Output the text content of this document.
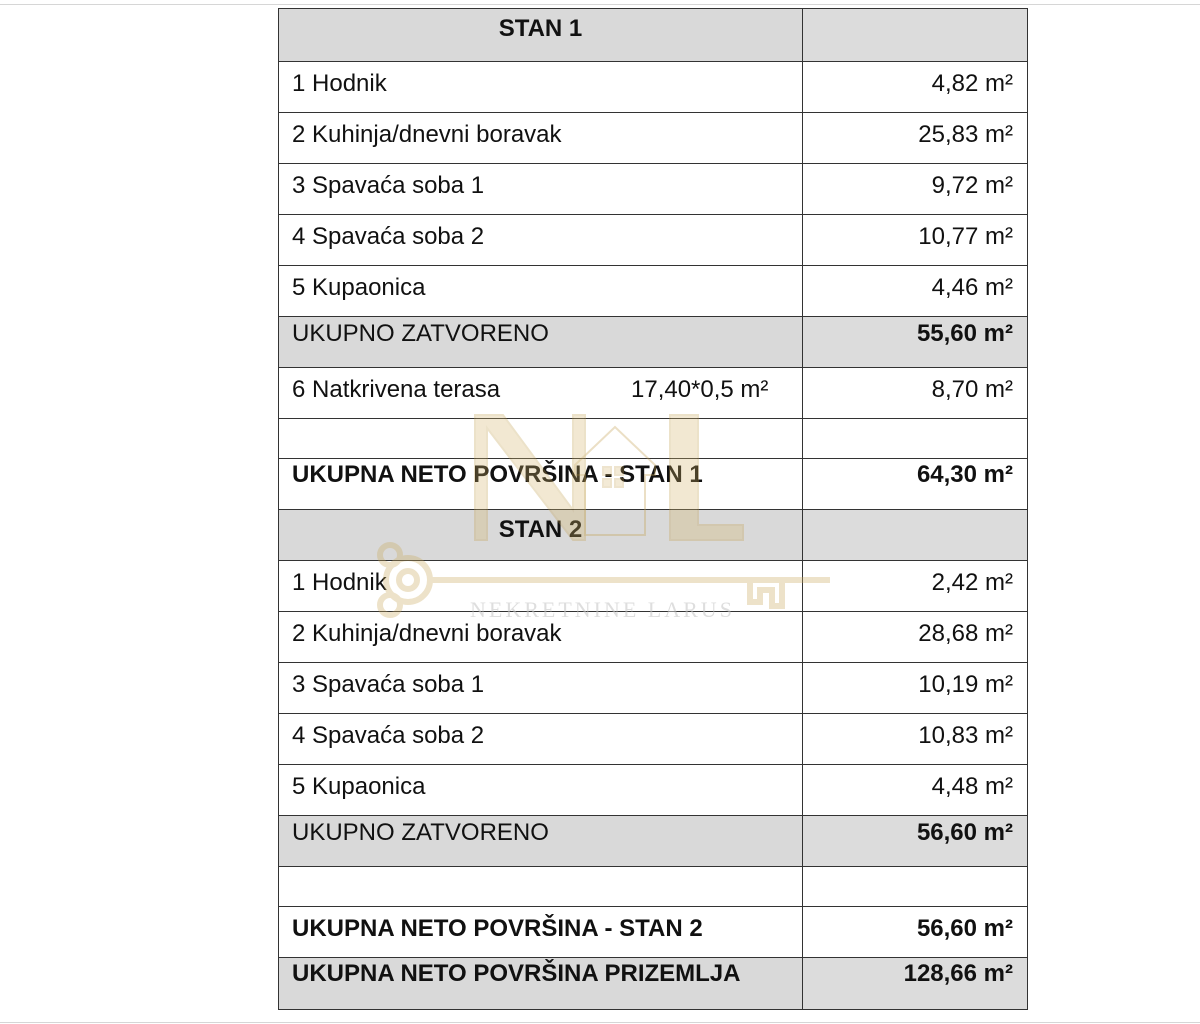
STAN 1
1 Hodnik	4,82 m²
2 Kuhinja/dnevni boravak	25,83 m²
3 Spavaća soba 1	9,72 m²
4 Spavaća soba 2	10,77 m²
5 Kupaonica	4,46 m²
UKUPNO ZATVORENO	55,60 m²
6 Natkrivena terasa	17,40*0,5 m²	8,70 m²
UKUPNA NETO POVRŠINA - STAN 1	64,30 m²
STAN 2
1 Hodnik	2,42 m²
2 Kuhinja/dnevni boravak	28,68 m²
3 Spavaća soba 1	10,19 m²
4 Spavaća soba 2	10,83 m²
5 Kupaonica	4,48 m²
UKUPNO ZATVORENO	56,60 m²
UKUPNA NETO POVRŠINA - STAN 2	56,60 m²
UKUPNA NETO POVRŠINA PRIZEMLJA	128,66 m²
NEKRETNINE LARUS
